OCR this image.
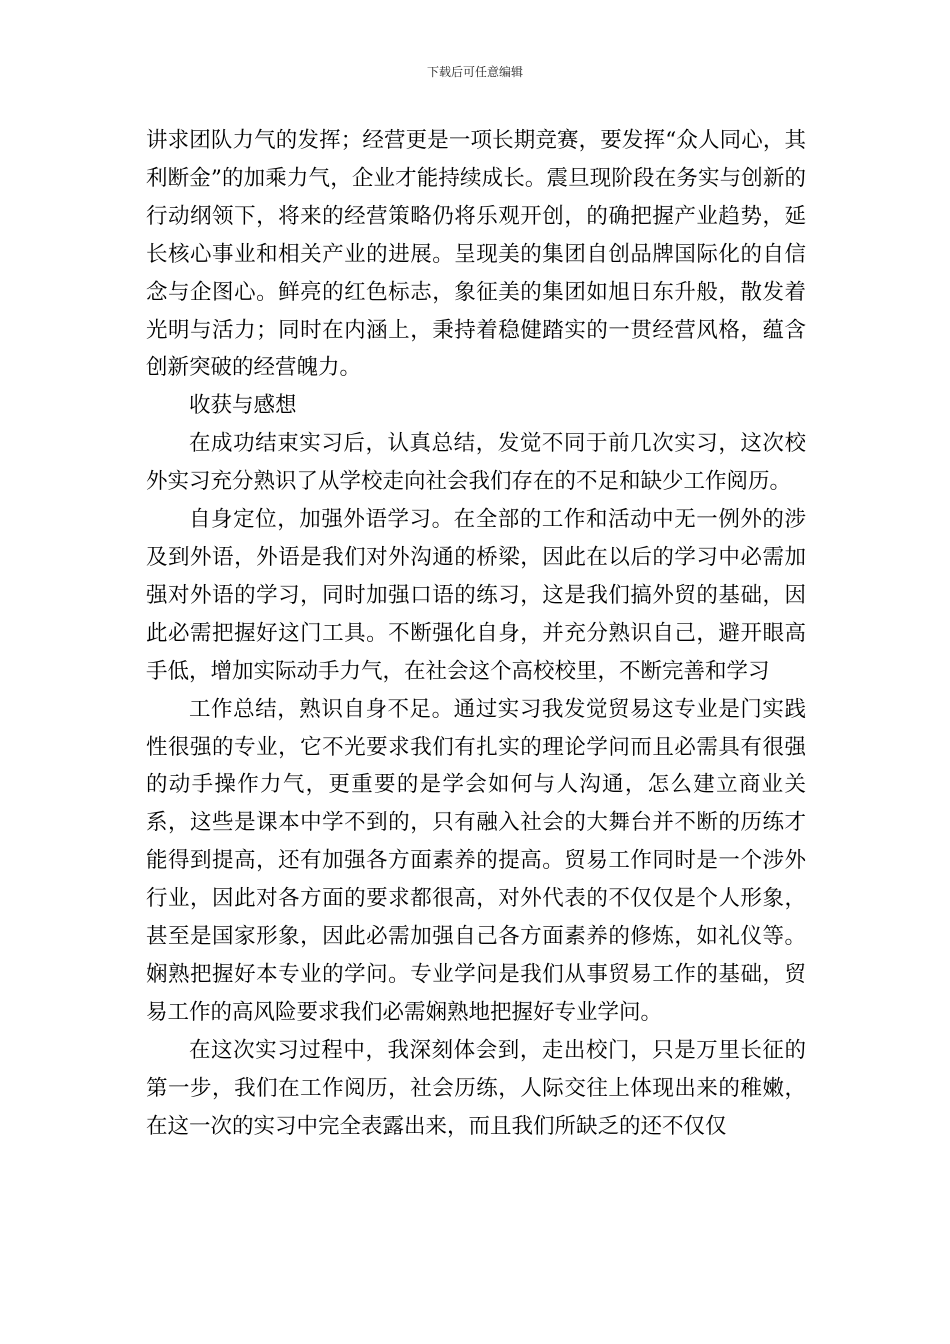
下载后可任意编辑

讲求团队力气的发挥；经营更是一项长期竞赛，要发挥“众人同心，其利断金”的加乘力气，企业才能持续成长。震旦现阶段在务实与创新的行动纲领下，将来的经营策略仍将乐观开创，的确把握产业趋势，延长核心事业和相关产业的进展。呈现美的集团自创品牌国际化的自信念与企图心。鲜亮的红色标志，象征美的集团如旭日东升般，散发着光明与活力；同时在内涵上，秉持着稳健踏实的一贯经营风格，蕴含创新突破的经营魄力。

收获与感想

在成功结束实习后，认真总结，发觉不同于前几次实习，这次校外实习充分熟识了从学校走向社会我们存在的不足和缺少工作阅历。

自身定位，加强外语学习。在全部的工作和活动中无一例外的涉及到外语，外语是我们对外沟通的桥梁，因此在以后的学习中必需加强对外语的学习，同时加强口语的练习，这是我们搞外贸的基础，因此必需把握好这门工具。不断强化自身，并充分熟识自己，避开眼高手低，增加实际动手力气，在社会这个高校校里，不断完善和学习

工作总结，熟识自身不足。通过实习我发觉贸易这专业是门实践性很强的专业，它不光要求我们有扎实的理论学问而且必需具有很强的动手操作力气，更重要的是学会如何与人沟通，怎么建立商业关系，这些是课本中学不到的，只有融入社会的大舞台并不断的历练才能得到提高，还有加强各方面素养的提高。贸易工作同时是一个涉外行业，因此对各方面的要求都很高，对外代表的不仅仅是个人形象，甚至是国家形象，因此必需加强自己各方面素养的修炼，如礼仪等。娴熟把握好本专业的学问。专业学问是我们从事贸易工作的基础，贸易工作的高风险要求我们必需娴熟地把握好专业学问。

在这次实习过程中，我深刻体会到，走出校门，只是万里长征的第一步，我们在工作阅历，社会历练，人际交往上体现出来的稚嫩，在这一次的实习中完全表露出来，而且我们所缺乏的还不仅仅
